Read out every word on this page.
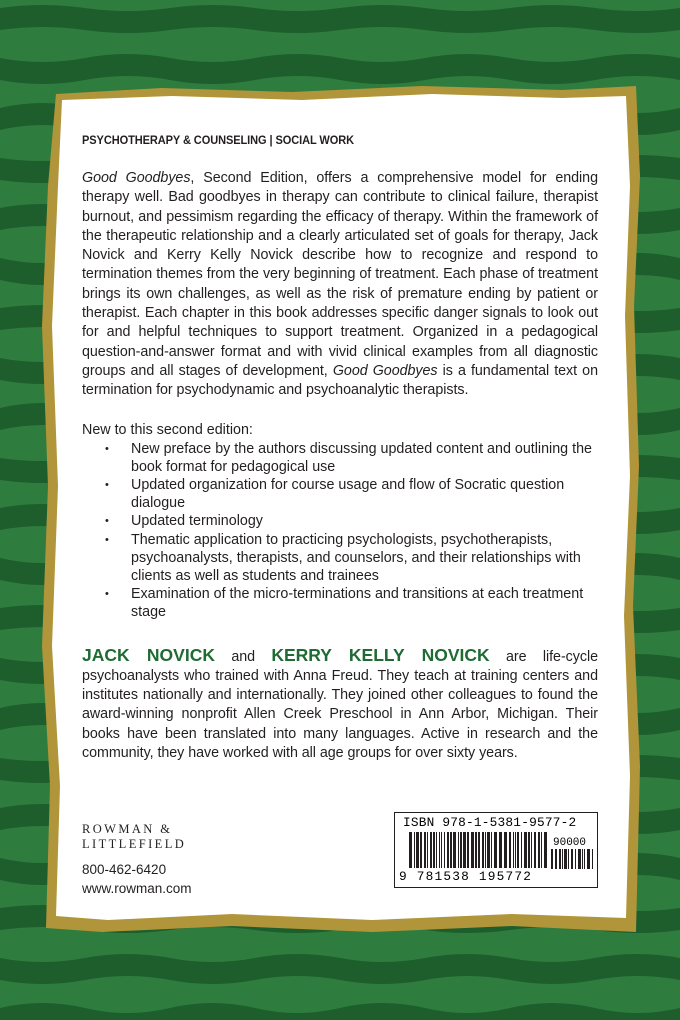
PSYCHOTHERAPY & COUNSELING | SOCIAL WORK

Good Goodbyes, Second Edition, offers a comprehensive model for ending therapy well. Bad goodbyes in therapy can contribute to clinical failure, therapist burnout, and pessimism regarding the efficacy of therapy. Within the framework of the therapeutic relationship and a clearly articulated set of goals for therapy, Jack Novick and Kerry Kelly Novick describe how to recognize and respond to termination themes from the very beginning of treatment. Each phase of treatment brings its own challenges, as well as the risk of premature ending by patient or therapist. Each chapter in this book addresses specific danger signals to look out for and helpful techniques to support treatment. Organized in a pedagogical question-and-answer format and with vivid clinical examples from all diagnostic groups and all stages of development, Good Goodbyes is a fundamental text on termination for psychodynamic and psychoanalytic therapists.

New to this second edition:
• New preface by the authors discussing updated content and outlining the book format for pedagogical use
• Updated organization for course usage and flow of Socratic question dialogue
• Updated terminology
• Thematic application to practicing psychologists, psychotherapists, psychoanalysts, therapists, and counselors, and their relationships with clients as well as students and trainees
• Examination of the micro-terminations and transitions at each treatment stage

JACK NOVICK and KERRY KELLY NOVICK are life-cycle psychoanalysts who trained with Anna Freud. They teach at training centers and institutes nationally and internationally. They joined other colleagues to found the award-winning nonprofit Allen Creek Preschool in Ann Arbor, Michigan. Their books have been translated into many languages. Active in research and the community, they have worked with all age groups for over sixty years.

ROWMAN &
LITTLEFIELD
800-462-6420
www.rowman.com
ISBN 978-1-5381-9577-2
90000
9 781538 195772
